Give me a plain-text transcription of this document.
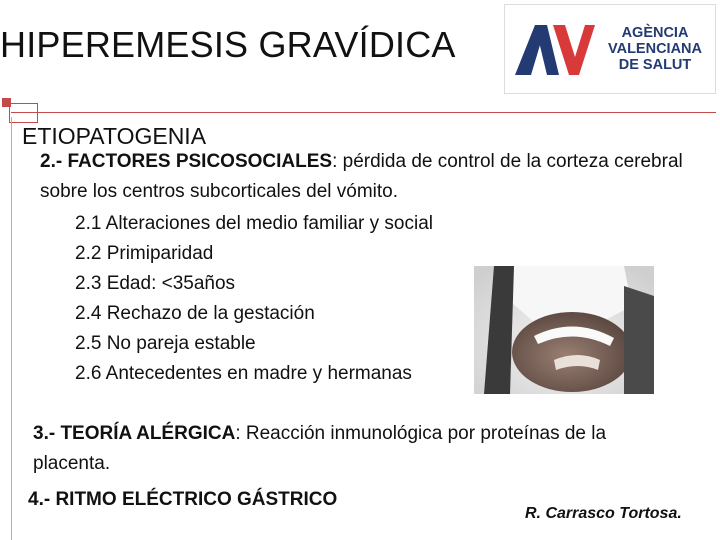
HIPEREMESIS GRAVÍDICA	AGÈNCIA
VALENCIANA
DE SALUT
ETIOPATOGENIA
2.- FACTORES PSICOSOCIALES: pérdida de control de la corteza cerebral sobre los centros subcorticales del vómito.
2.1 Alteraciones del medio familiar y social
2.2 Primiparidad
2.3 Edad: <35años
2.4 Rechazo de la gestación
2.5 No pareja estable
2.6 Antecedentes en madre y hermanas
3.- TEORÍA ALÉRGICA: Reacción inmunológica por proteínas de la placenta.
4.- RITMO ELÉCTRICO GÁSTRICO
R. Carrasco Tortosa.
